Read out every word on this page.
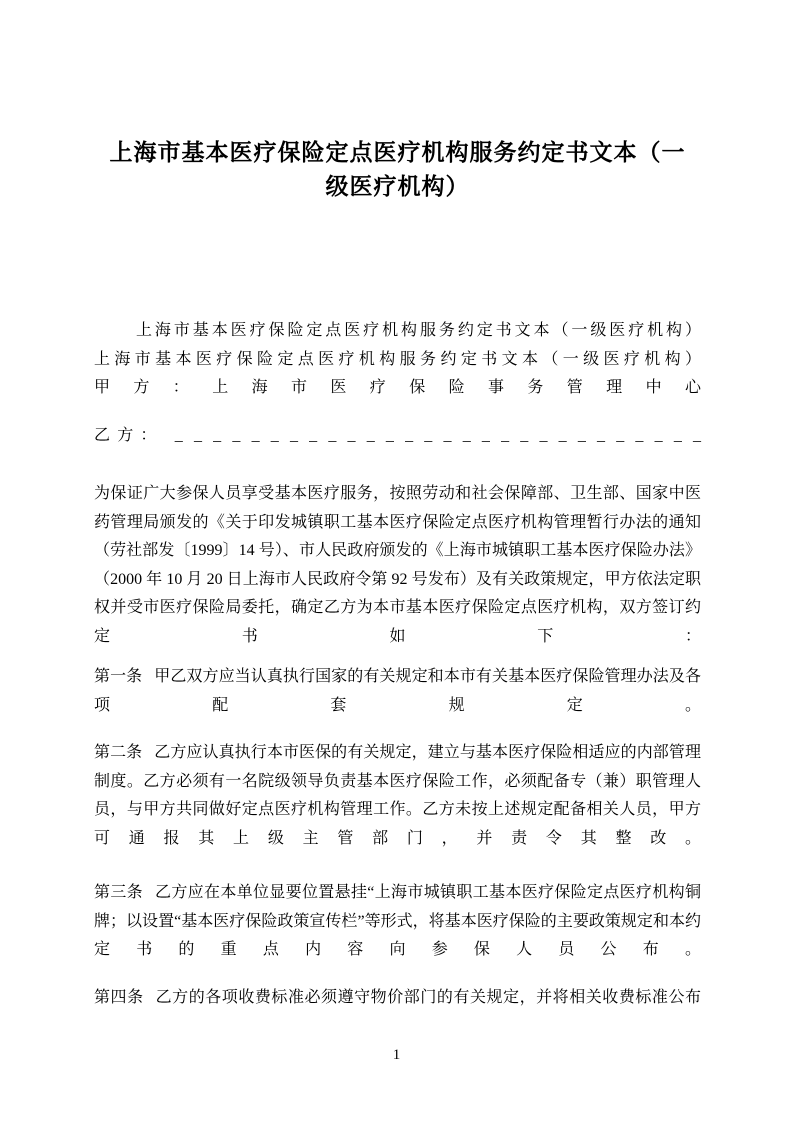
上海市基本医疗保险定点医疗机构服务约定书文本（一
级医疗机构）

上海市基本医疗保险定点医疗机构服务约定书文本（一级医疗机构）

上海市基本医疗保险定点医疗机构服务约定书文本（一级医疗机构）

甲方：上海市医疗保险事务管理中心

乙方： _ _ _ _ _ _ _ _ _ _ _ _ _ _ _ _ _ _ _ _ _ _ _ _ _ _ _ _

为保证广大参保人员享受基本医疗服务，按照劳动和社会保障部、卫生部、国家中医药管理局颁发的《关于印发城镇职工基本医疗保险定点医疗机构管理暂行办法的通知（劳社部发〔1999〕14 号）、市人民政府颁发的《上海市城镇职工基本医疗保险办法》（2000 年 10 月 20 日上海市人民政府令第 92 号发布）及有关政策规定，甲方依法定职权并受市医疗保险局委托，确定乙方为本市基本医疗保险定点医疗机构，双方签订约定书如下：

第一条 甲乙双方应当认真执行国家的有关规定和本市有关基本医疗保险管理办法及各项配套规定。

第二条 乙方应认真执行本市医保的有关规定，建立与基本医疗保险相适应的内部管理制度。乙方必须有一名院级领导负责基本医疗保险工作，必须配备专（兼）职管理人员，与甲方共同做好定点医疗机构管理工作。乙方未按上述规定配备相关人员，甲方可通报其上级主管部门，并责令其整改。

第三条 乙方应在本单位显要位置悬挂“上海市城镇职工基本医疗保险定点医疗机构铜牌；以设置“基本医疗保险政策宣传栏”等形式，将基本医疗保险的主要政策规定和本约定书的重点内容向参保人员公布。

第四条 乙方的各项收费标准必须遵守物价部门的有关规定，并将相关收费标准公布

1
